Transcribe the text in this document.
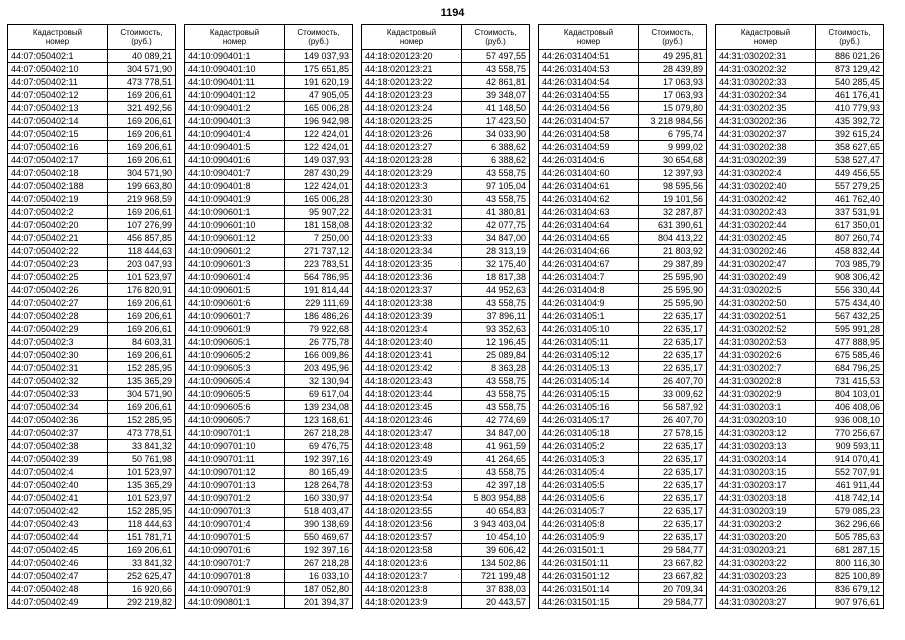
1194
Кадастровый
номер	Стоимость,
(руб.)

44:07:050402:1	40 089,21
44:07:050402:10	304 571,90
44:07:050402:11	473 778,51
44:07:050402:12	169 206,61
44:07:050402:13	321 492,56
44:07:050402:14	169 206,61
44:07:050402:15	169 206,61
44:07:050402:16	169 206,61
44:07:050402:17	169 206,61
44:07:050402:18	304 571,90
44:07:050402:188	199 663,80
44:07:050402:19	219 968,59
44:07:050402:2	169 206,61
44:07:050402:20	107 276,99
44:07:050402:21	456 857,85
44:07:050402:22	118 444,63
44:07:050402:23	203 047,93
44:07:050402:25	101 523,97
44:07:050402:26	176 820,91
44:07:050402:27	169 206,61
44:07:050402:28	169 206,61
44:07:050402:29	169 206,61
44:07:050402:3	84 603,31
44:07:050402:30	169 206,61
44:07:050402:31	152 285,95
44:07:050402:32	135 365,29
44:07:050402:33	304 571,90
44:07:050402:34	169 206,61
44:07:050402:36	152 285,95
44:07:050402:37	473 778,51
44:07:050402:38	33 841,32
44:07:050402:39	50 761,98
44:07:050402:4	101 523,97
44:07:050402:40	135 365,29
44:07:050402:41	101 523,97
44:07:050402:42	152 285,95
44:07:050402:43	118 444,63
44:07:050402:44	151 781,71
44:07:050402:45	169 206,61
44:07:050402:46	33 841,32
44:07:050402:47	252 625,47
44:07:050402:48	16 920,66
44:07:050402:49	292 219,82
Кадастровый
номер	Стоимость,
(руб.)

44:10:090401:1	149 037,93
44:10:090401:10	175 651,85
44:10:090401:11	191 620,19
44:10:090401:12	47 905,05
44:10:090401:2	165 006,28
44:10:090401:3	196 942,98
44:10:090401:4	122 424,01
44:10:090401:5	122 424,01
44:10:090401:6	149 037,93
44:10:090401:7	287 430,29
44:10:090401:8	122 424,01
44:10:090401:9	165 006,28
44:10:090601:1	95 907,22
44:10:090601:10	181 158,08
44:10:090601:12	7 250,00
44:10:090601:2	271 737,12
44:10:090601:3	223 783,51
44:10:090601:4	564 786,95
44:10:090601:5	191 814,44
44:10:090601:6	229 111,69
44:10:090601:7	186 486,26
44:10:090601:9	79 922,68
44:10:090605:1	26 775,78
44:10:090605:2	166 009,86
44:10:090605:3	203 495,96
44:10:090605:4	32 130,94
44:10:090605:5	69 617,04
44:10:090605:6	139 234,08
44:10:090605:7	123 168,61
44:10:090701:1	267 218,28
44:10:090701:10	69 476,75
44:10:090701:11	192 397,16
44:10:090701:12	80 165,49
44:10:090701:13	128 264,78
44:10:090701:2	160 330,97
44:10:090701:3	518 403,47
44:10:090701:4	390 138,69
44:10:090701:5	550 469,67
44:10:090701:6	192 397,16
44:10:090701:7	267 218,28
44:10:090701:8	16 033,10
44:10:090701:9	187 052,80
44:10:090801:1	201 394,37
Кадастровый
номер	Стоимость,
(руб.)

44:18:020123:20	57 497,55
44:18:020123:21	43 558,75
44:18:020123:22	42 861,81
44:18:020123:23	39 348,07
44:18:020123:24	41 148,50
44:18:020123:25	17 423,50
44:18:020123:26	34 033,90
44:18:020123:27	6 388,62
44:18:020123:28	6 388,62
44:18:020123:29	43 558,75
44:18:020123:3	97 105,04
44:18:020123:30	43 558,75
44:18:020123:31	41 380,81
44:18:020123:32	42 077,75
44:18:020123:33	34 847,00
44:18:020123:34	28 313,19
44:18:020123:35	32 175,40
44:18:020123:36	18 817,38
44:18:020123:37	44 952,63
44:18:020123:38	43 558,75
44:18:020123:39	37 896,11
44:18:020123:4	93 352,63
44:18:020123:40	12 196,45
44:18:020123:41	25 089,84
44:18:020123:42	8 363,28
44:18:020123:43	43 558,75
44:18:020123:44	43 558,75
44:18:020123:45	43 558,75
44:18:020123:46	42 774,69
44:18:020123:47	34 847,00
44:18:020123:48	41 961,59
44:18:020123:49	41 264,65
44:18:020123:5	43 558,75
44:18:020123:53	42 397,18
44:18:020123:54	5 803 954,88
44:18:020123:55	40 654,83
44:18:020123:56	3 943 403,04
44:18:020123:57	10 454,10
44:18:020123:58	39 606,42
44:18:020123:6	134 502,86
44:18:020123:7	721 199,48
44:18:020123:8	37 838,03
44:18:020123:9	20 443,57
Кадастровый
номер	Стоимость,
(руб.)

44:26:031404:51	49 295,81
44:26:031404:53	28 439,89
44:26:031404:54	17 063,93
44:26:031404:55	17 063,93
44:26:031404:56	15 079,80
44:26:031404:57	3 218 984,56
44:26:031404:58	6 795,74
44:26:031404:59	9 999,02
44:26:031404:6	30 654,68
44:26:031404:60	12 397,93
44:26:031404:61	98 595,56
44:26:031404:62	19 101,56
44:26:031404:63	32 287,87
44:26:031404:64	631 390,61
44:26:031404:65	804 413,22
44:26:031404:66	21 803,92
44:26:031404:67	29 387,89
44:26:031404:7	25 595,90
44:26:031404:8	25 595,90
44:26:031404:9	25 595,90
44:26:031405:1	22 635,17
44:26:031405:10	22 635,17
44:26:031405:11	22 635,17
44:26:031405:12	22 635,17
44:26:031405:13	22 635,17
44:26:031405:14	26 407,70
44:26:031405:15	33 009,62
44:26:031405:16	56 587,92
44:26:031405:17	26 407,70
44:26:031405:18	27 578,15
44:26:031405:2	22 635,17
44:26:031405:3	22 635,17
44:26:031405:4	22 635,17
44:26:031405:5	22 635,17
44:26:031405:6	22 635,17
44:26:031405:7	22 635,17
44:26:031405:8	22 635,17
44:26:031405:9	22 635,17
44:26:031501:1	29 584,77
44:26:031501:11	23 667,82
44:26:031501:12	23 667,82
44:26:031501:14	20 709,34
44:26:031501:15	29 584,77
Кадастровый
номер	Стоимость,
(руб.)

44:31:030202:31	886 021,26
44:31:030202:32	873 129,42
44:31:030202:33	540 285,45
44:31:030202:34	461 176,41
44:31:030202:35	410 779,93
44:31:030202:36	435 392,72
44:31:030202:37	392 615,24
44:31:030202:38	358 627,65
44:31:030202:39	538 527,47
44:31:030202:4	449 456,55
44:31:030202:40	557 279,25
44:31:030202:42	461 762,40
44:31:030202:43	337 531,91
44:31:030202:44	617 350,01
44:31:030202:45	807 260,74
44:31:030202:46	458 832,44
44:31:030202:47	703 985,79
44:31:030202:49	908 306,42
44:31:030202:5	556 330,44
44:31:030202:50	575 434,40
44:31:030202:51	567 432,25
44:31:030202:52	595 991,28
44:31:030202:53	477 888,95
44:31:030202:6	675 585,46
44:31:030202:7	684 796,25
44:31:030202:8	731 415,53
44:31:030202:9	804 103,01
44:31:030203:1	406 408,06
44:31:030203:10	936 008,10
44:31:030203:12	770 256,67
44:31:030203:13	909 593,11
44:31:030203:14	914 070,41
44:31:030203:15	552 707,91
44:31:030203:17	461 911,44
44:31:030203:18	418 742,14
44:31:030203:19	579 085,23
44:31:030203:2	362 296,66
44:31:030203:20	505 785,63
44:31:030203:21	681 287,15
44:31:030203:22	800 116,30
44:31:030203:23	825 100,89
44:31:030203:26	836 679,12
44:31:030203:27	907 976,61
